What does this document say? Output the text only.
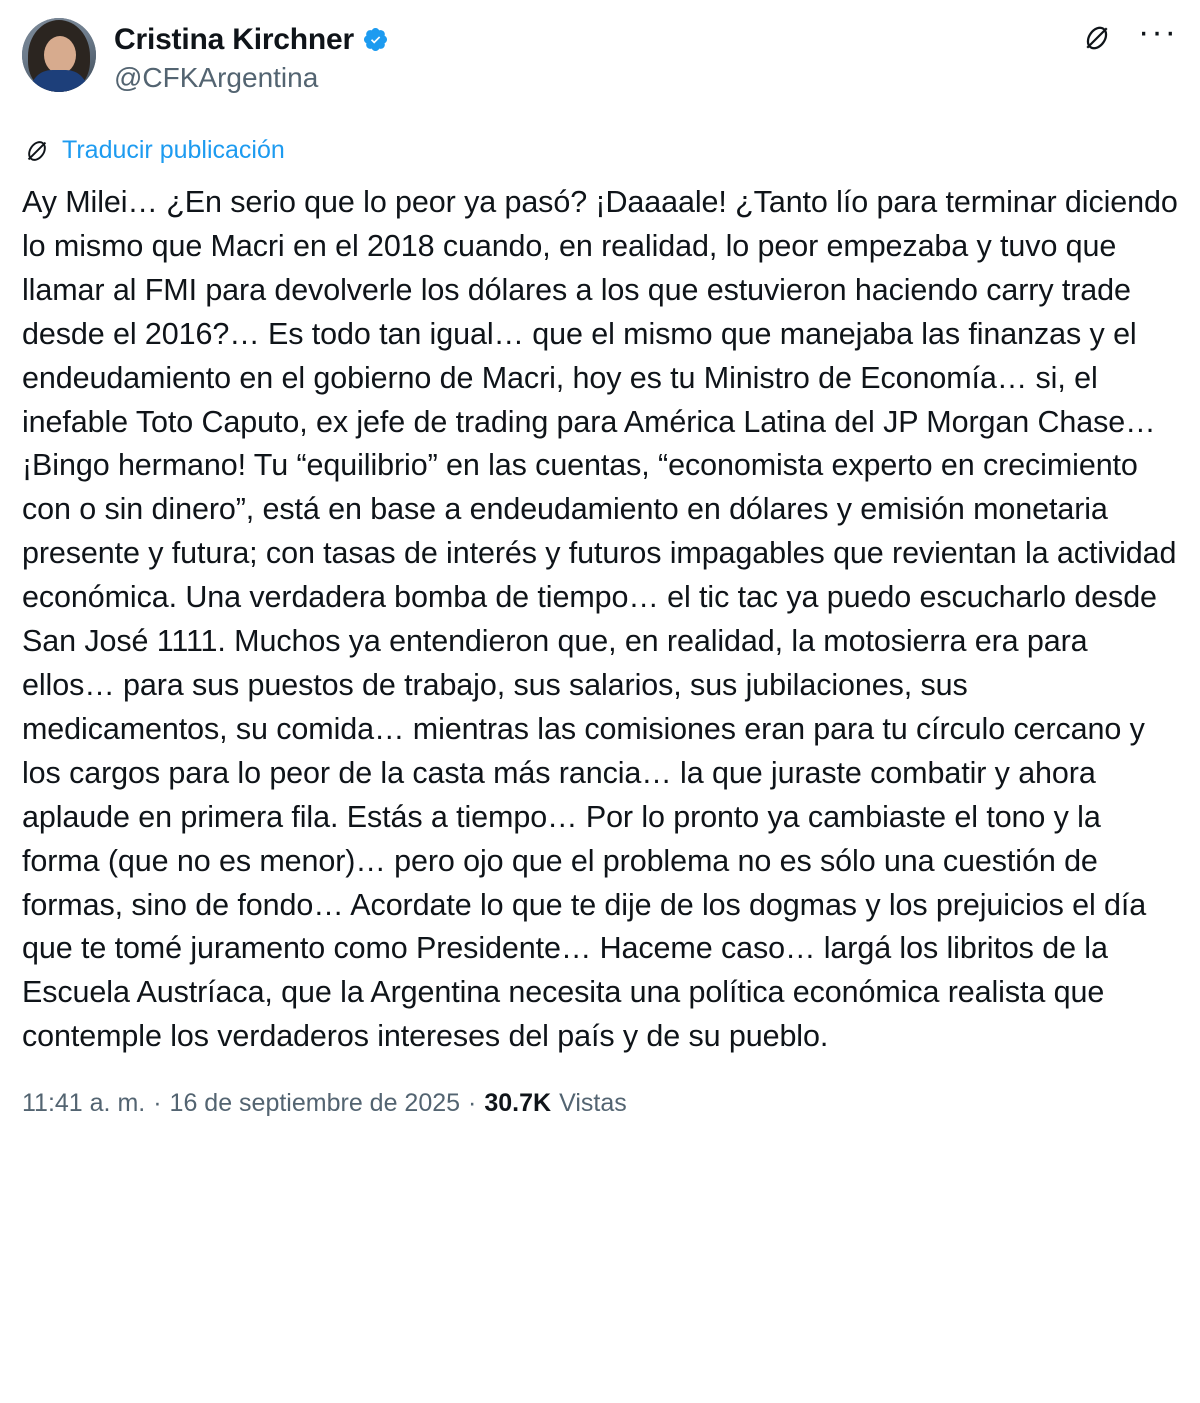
Cristina Kirchner
@CFKArgentina
···
Traducir publicación
Ay Milei… ¿En serio que lo peor ya pasó? ¡Daaaale! ¿Tanto lío para terminar diciendo lo mismo que Macri en el 2018 cuando, en realidad, lo peor empezaba y tuvo que llamar al FMI para devolverle los dólares a los que estuvieron haciendo carry trade desde el 2016?… Es todo tan igual… que el mismo que manejaba las finanzas y el endeudamiento en el gobierno de Macri, hoy es tu Ministro de Economía… si, el inefable Toto Caputo, ex jefe de trading para América Latina del JP Morgan Chase… ¡Bingo hermano! Tu “equilibrio” en las cuentas, “economista experto en crecimiento con o sin dinero”, está en base a endeudamiento en dólares y emisión monetaria presente y futura; con tasas de interés y futuros impagables que revientan la actividad económica. Una verdadera bomba de tiempo… el tic tac ya puedo escucharlo desde San José 1111. Muchos ya entendieron que, en realidad, la motosierra era para ellos… para sus puestos de trabajo, sus salarios, sus jubilaciones, sus medicamentos, su comida… mientras las comisiones eran para tu círculo cercano y los cargos para lo peor de la casta más rancia… la que juraste combatir y ahora aplaude en primera fila. Estás a tiempo… Por lo pronto ya cambiaste el tono y la forma (que no es menor)… pero ojo que el problema no es sólo una cuestión de formas, sino de fondo… Acordate lo que te dije de los dogmas y los prejuicios el día que te tomé juramento como Presidente… Haceme caso… largá los libritos de la Escuela Austríaca, que la Argentina necesita una política económica realista que contemple los verdaderos intereses del país y de su pueblo.
11:41 a. m. · 16 de septiembre de 2025 · 30.7K Vistas
